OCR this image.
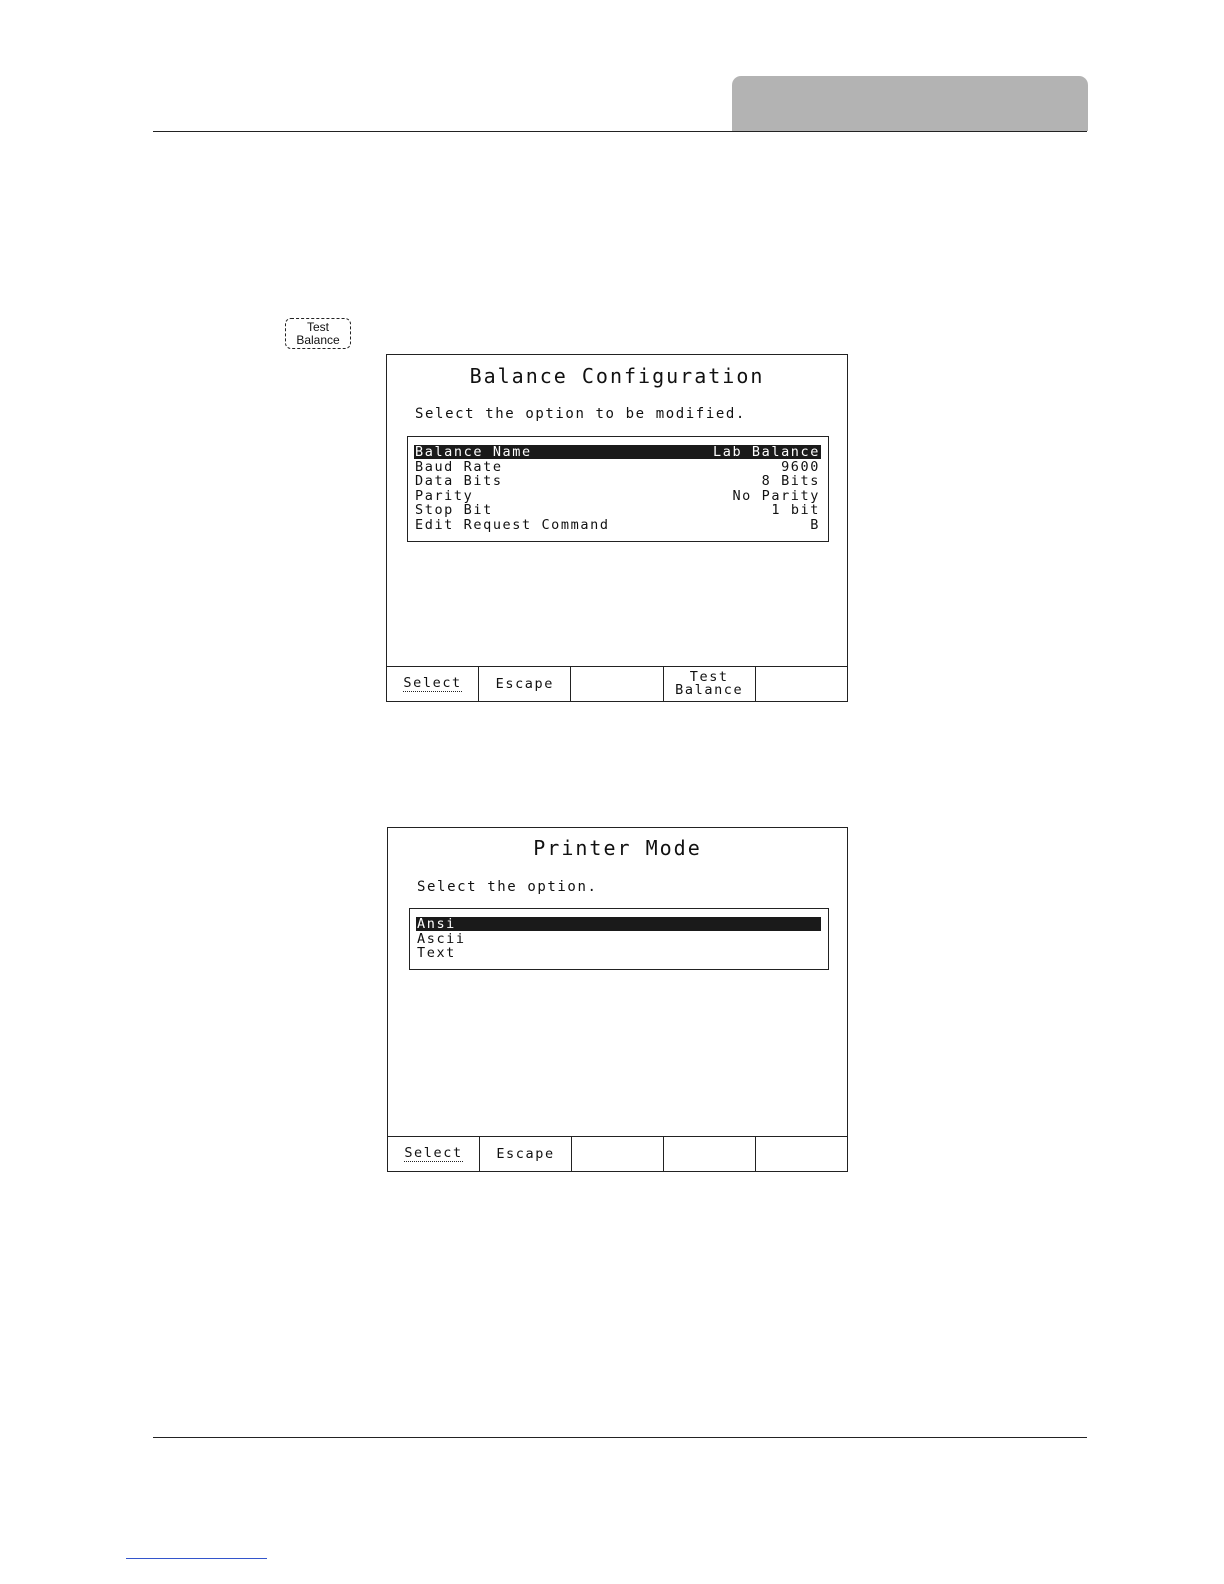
Test
Balance
Balance Configuration
Select the option to be modified.
Balance Name	Lab Balance
Baud Rate	9600
Data Bits	8 Bits
Parity	No Parity
Stop Bit	1 bit
Edit Request Command	B
Select	Escape	Test
Balance
Printer Mode
Select the option.
Ansi
Ascii
Text
Select Escape
